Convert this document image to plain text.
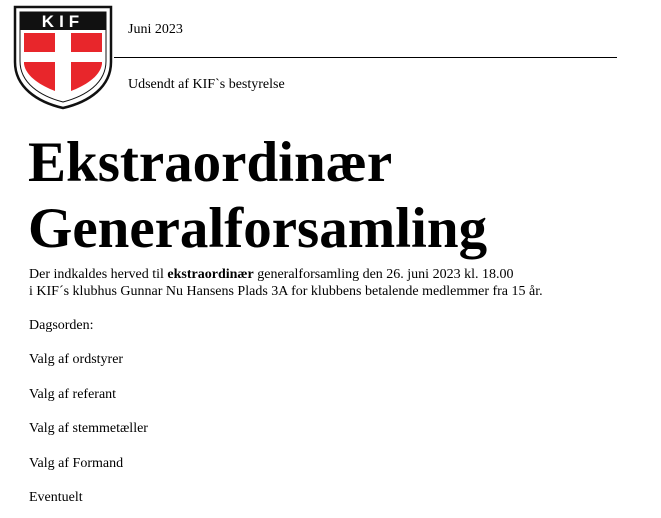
KIF	Juni 2023
Udsendt af KIF`s bestyrelse
Ekstraordinær
Generalforsamling

Der indkaldes herved til ekstraordinær generalforsamling den 26. juni 2023 kl. 18.00
i KIF´s klubhus Gunnar Nu Hansens Plads 3A for klubbens betalende medlemmer fra 15 år.

Dagsorden:

Valg af ordstyrer

Valg af referant

Valg af stemmetæller

Valg af Formand

Eventuelt
